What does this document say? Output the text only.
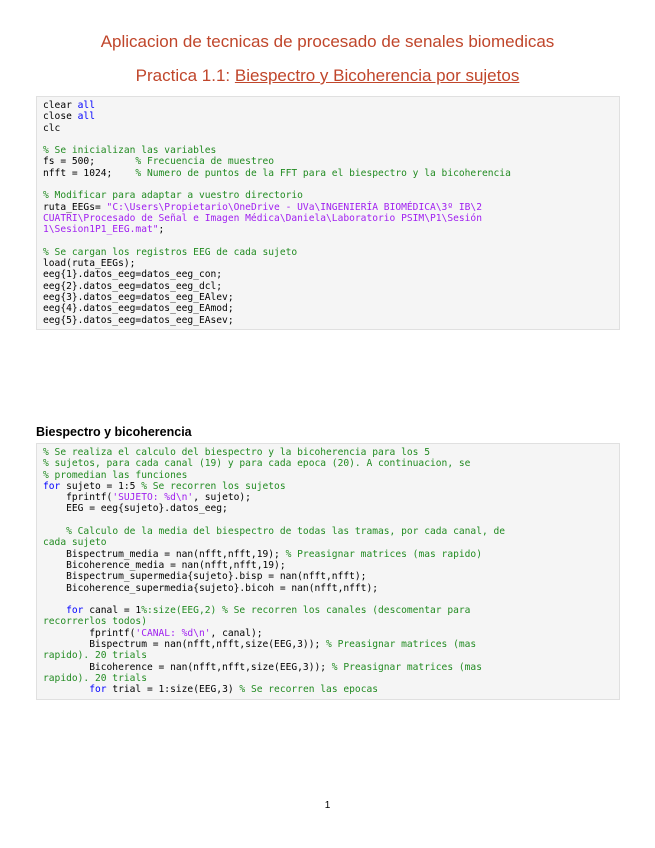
Aplicacion de tecnicas de procesado de senales biomedicas
Practica 1.1: Biespectro y Bicoherencia por sujetos
clear all
close all
clc

% Se inicializan las variables
fs = 500;       % Frecuencia de muestreo
nfft = 1024;    % Numero de puntos de la FFT para el biespectro y la bicoherencia

% Modificar para adaptar a vuestro directorio
ruta_EEGs= "C:\Users\Propietario\OneDrive - UVa\INGENIERÍA BIOMÉDICA\3º IB\2
CUATRI\Procesado de Señal e Imagen Médica\Daniela\Laboratorio PSIM\P1\Sesión
1\Sesion1P1_EEG.mat";

% Se cargan los registros EEG de cada sujeto
load(ruta_EEGs);
eeg{1}.datos_eeg=datos_eeg_con;
eeg{2}.datos_eeg=datos_eeg_dcl;
eeg{3}.datos_eeg=datos_eeg_EAlev;
eeg{4}.datos_eeg=datos_eeg_EAmod;
eeg{5}.datos_eeg=datos_eeg_EAsev;
Biespectro y bicoherencia
% Se realiza el calculo del biespectro y la bicoherencia para los 5
% sujetos, para cada canal (19) y para cada epoca (20). A continuacion, se
% promedian las funciones
for sujeto = 1:5 % Se recorren los sujetos
fprintf('SUJETO: %d\n', sujeto);
EEG = eeg{sujeto}.datos_eeg;

% Calculo de la media del biespectro de todas las tramas, por cada canal, de
cada sujeto
Bispectrum_media = nan(nfft,nfft,19); % Preasignar matrices (mas rapido)
Bicoherence_media = nan(nfft,nfft,19);
Bispectrum_supermedia{sujeto}.bisp = nan(nfft,nfft);
Bicoherence_supermedia{sujeto}.bicoh = nan(nfft,nfft);

for canal = 1%:size(EEG,2) % Se recorren los canales (descomentar para
recorrerlos todos)
fprintf('CANAL: %d\n', canal);
Bispectrum = nan(nfft,nfft,size(EEG,3)); % Preasignar matrices (mas
rapido). 20 trials
Bicoherence = nan(nfft,nfft,size(EEG,3)); % Preasignar matrices (mas
rapido). 20 trials
for trial = 1:size(EEG,3) % Se recorren las epocas
1
